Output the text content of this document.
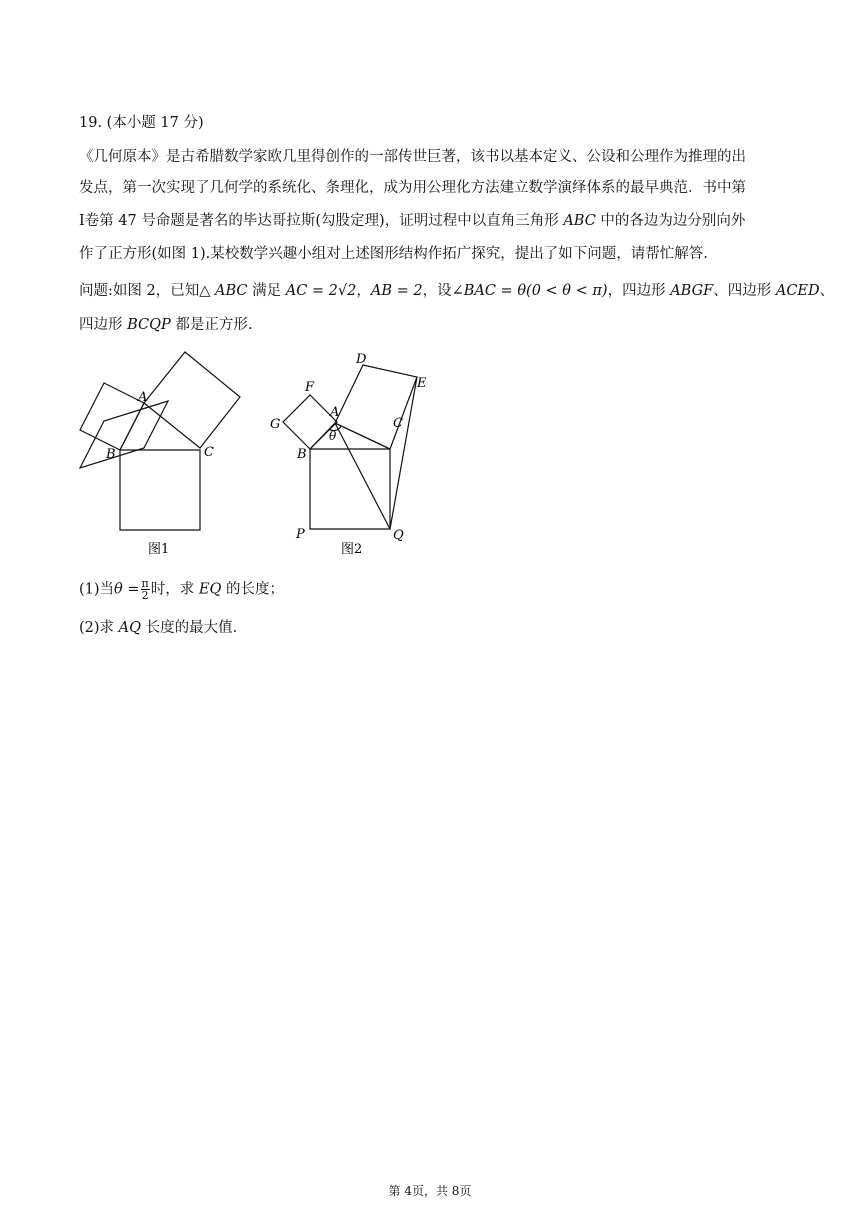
19. (本小题 17 分)
《几何原本》是古希腊数学家欧几里得创作的一部传世巨著，该书以基本定义、公设和公理作为推理的出
发点，第一次实现了几何学的系统化、条理化，成为用公理化方法建立数学演绎体系的最早典范．书中第
Ⅰ卷第 47 号命题是著名的毕达哥拉斯(勾股定理)，证明过程中以直角三角形 ABC 中的各边为边分别向外
作了正方形(如图 1).某校数学兴趣小组对上述图形结构作拓广探究，提出了如下问题，请帮忙解答.
问题:如图 2，已知△ ABC 满足 AC = 2√2，AB = 2，设∠BAC = θ(0 < θ < π)，四边形 ABGF、四边形 ACED、
四边形 BCQP 都是正方形.
A
B	C
图1
A
B
C
D
E
F
G
P	Q
θ
图2
(1)当$\theta = \frac{\pi}{2}$ 时，求 EQ 的长度；
(2)求 AQ 长度的最大值.
第 4页，共 8页
